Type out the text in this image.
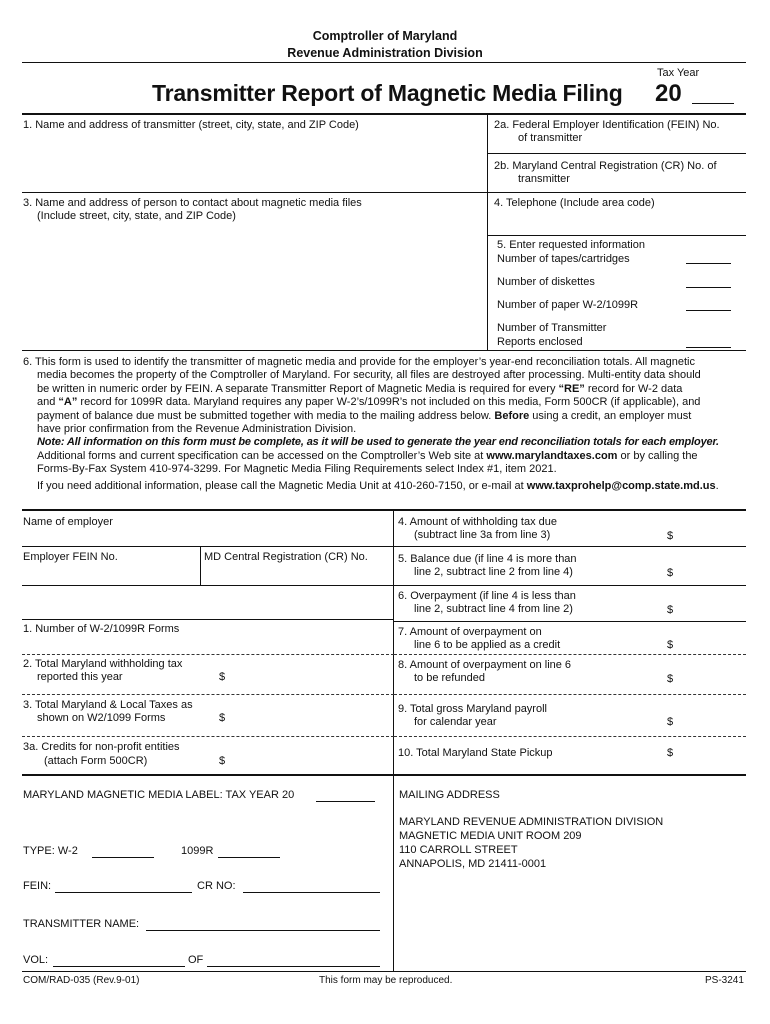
Comptroller of Maryland
Revenue Administration Division
Tax Year
Transmitter Report of Magnetic Media Filing 20
1. Name and address of transmitter (street, city, state, and ZIP Code)	2a. Federal Employer Identification (FEIN) No.
of transmitter
2b. Maryland Central Registration (CR) No. of
transmitter
3. Name and address of person to contact about magnetic media files
(Include street, city, state, and ZIP Code)
4. Telephone (Include area code)
5. Enter requested information
Number of tapes/cartridges
Number of diskettes
Number of paper W-2/1099R
Number of Transmitter
Reports enclosed
6. This form is used to identify the transmitter of magnetic media and provide for the employer’s year-end reconciliation totals. All magnetic
media becomes the property of the Comptroller of Maryland. For security, all files are destroyed after processing. Multi-entity data should
be written in numeric order by FEIN. A separate Transmitter Report of Magnetic Media is required for every “RE” record for W-2 data
and “A” record for 1099R data. Maryland requires any paper W-2’s/1099R’s not included on this media, Form 500CR (if applicable), and
payment of balance due must be submitted together with media to the mailing address below. Before using a credit, an employer must
have prior confirmation from the Revenue Administration Division.
Note: All information on this form must be complete, as it will be used to generate the year end reconciliation totals for each employer.
Additional forms and current specification can be accessed on the Comptroller’s Web site at www.marylandtaxes.com or by calling the
Forms-By-Fax System 410-974-3299. For Magnetic Media Filing Requirements select Index #1, item 2021.
If you need additional information, please call the Magnetic Media Unit at 410-260-7150, or e-mail at www.taxprohelp@comp.state.md.us.
Name of employer
Employer FEIN No.	MD Central Registration (CR) No.
1. Number of W-2/1099R Forms
2. Total Maryland withholding tax
reported this year	$
3. Total Maryland & Local Taxes as
shown on W2/1099 Forms	$
3a. Credits for non-profit entities
(attach Form 500CR)	$
4. Amount of withholding tax due
(subtract line 3a from line 3)	$
5. Balance due (if line 4 is more than
line 2, subtract line 2 from line 4)	$
6. Overpayment (if line 4 is less than
line 2, subtract line 4 from line 2)	$
7. Amount of overpayment on
line 6 to be applied as a credit	$
8. Amount of overpayment on line 6
to be refunded	$
9. Total gross Maryland payroll
for calendar year	$
10. Total Maryland State Pickup	$
MARYLAND MAGNETIC MEDIA LABEL: TAX YEAR 20
TYPE: W-2	1099R
FEIN:	CR NO:
TRANSMITTER NAME:
VOL:	OF
MAILING ADDRESS
MARYLAND REVENUE ADMINISTRATION DIVISION
MAGNETIC MEDIA UNIT ROOM 209
110 CARROLL STREET
ANNAPOLIS, MD 21411-0001
COM/RAD-035 (Rev.9-01)	This form may be reproduced.	PS-3241
